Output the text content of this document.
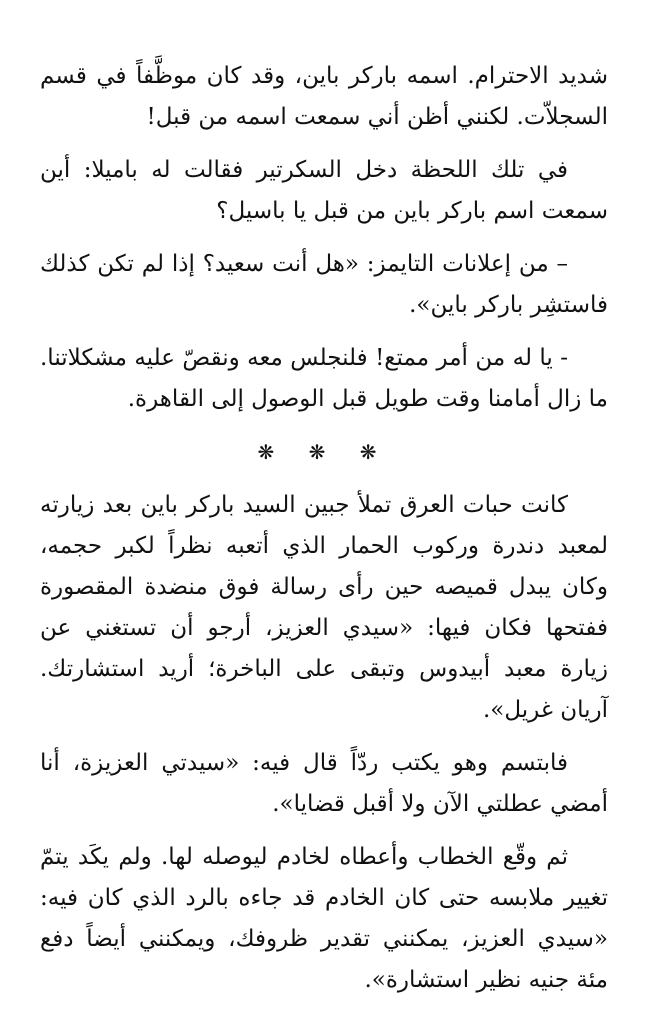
شديد الاحترام. اسمه باركر باين، وقد كان موظَّفاً في قسم السجلاّت. لكنني أظن أني سمعت اسمه من قبل!

في تلك اللحظة دخل السكرتير فقالت له باميلا: أين سمعت اسم باركر باين من قبل يا باسيل؟

– من إعلانات التايمز: «هل أنت سعيد؟ إذا لم تكن كذلك فاستشِر باركر باين».

- يا له من أمر ممتع! فلنجلس معه ونقصّ عليه مشكلاتنا. ما زال أمامنا وقت طويل قبل الوصول إلى القاهرة.

❋ ❋ ❋

كانت حبات العرق تملأ جبين السيد باركر باين بعد زيارته لمعبد دندرة وركوب الحمار الذي أتعبه نظراً لكبر حجمه، وكان يبدل قميصه حين رأى رسالة فوق منضدة المقصورة ففتحها فكان فيها: «سيدي العزيز، أرجو أن تستغني عن زيارة معبد أبيدوس وتبقى على الباخرة؛ أريد استشارتك. آريان غريل».

فابتسم وهو يكتب ردّاً قال فيه: «سيدتي العزيزة، أنا أمضي عطلتي الآن ولا أقبل قضايا».

ثم وقّع الخطاب وأعطاه لخادم ليوصله لها. ولم يكَد يتمّ تغيير ملابسه حتى كان الخادم قد جاءه بالرد الذي كان فيه: «سيدي العزيز، يمكنني تقدير ظروفك، ويمكنني أيضاً دفع مئة جنيه نظير استشارة».
